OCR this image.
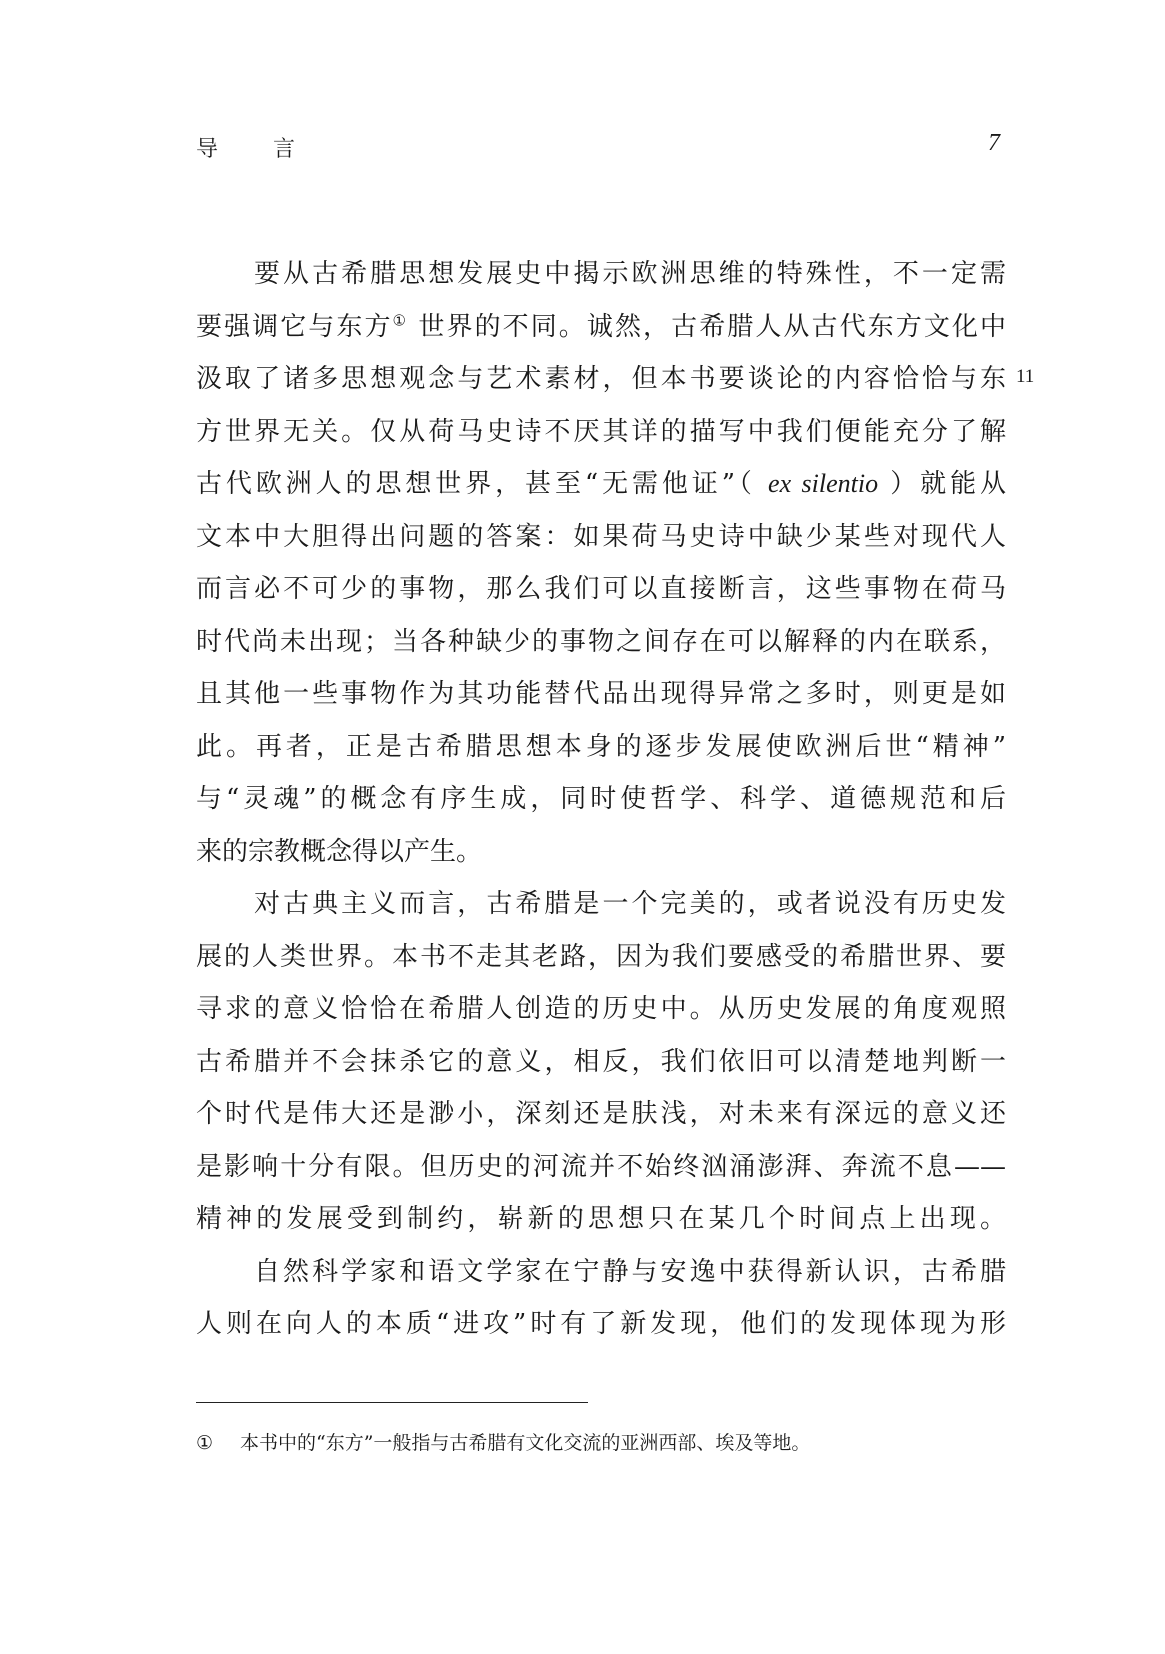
导 言	7
11
要从古希腊思想发展史中揭示欧洲思维的特殊性，不一定需
要强调它与东方① 世界的不同。诚然，古希腊人从古代东方文化中
汲取了诸多思想观念与艺术素材，但本书要谈论的内容恰恰与东
方世界无关。仅从荷马史诗不厌其详的描写中我们便能充分了解
古代欧洲人的思想世界，甚至“无需他证”（ ex silentio ）就能从
文本中大胆得出问题的答案：如果荷马史诗中缺少某些对现代人
而言必不可少的事物，那么我们可以直接断言，这些事物在荷马
时代尚未出现；当各种缺少的事物之间存在可以解释的内在联系，
且其他一些事物作为其功能替代品出现得异常之多时，则更是如
此。再者，正是古希腊思想本身的逐步发展使欧洲后世“精神”
与“灵魂”的概念有序生成，同时使哲学、科学、道德规范和后
来的宗教概念得以产生。
对古典主义而言，古希腊是一个完美的，或者说没有历史发
展的人类世界。本书不走其老路，因为我们要感受的希腊世界、要
寻求的意义恰恰在希腊人创造的历史中。从历史发展的角度观照
古希腊并不会抹杀它的意义，相反，我们依旧可以清楚地判断一
个时代是伟大还是渺小，深刻还是肤浅，对未来有深远的意义还
是影响十分有限。但历史的河流并不始终汹涌澎湃、奔流不息——
精神的发展受到制约，崭新的思想只在某几个时间点上出现。
自然科学家和语文学家在宁静与安逸中获得新认识，古希腊
人则在向人的本质“进攻”时有了新发现，他们的发现体现为形
① 本书中的“东方”一般指与古希腊有文化交流的亚洲西部、埃及等地。
